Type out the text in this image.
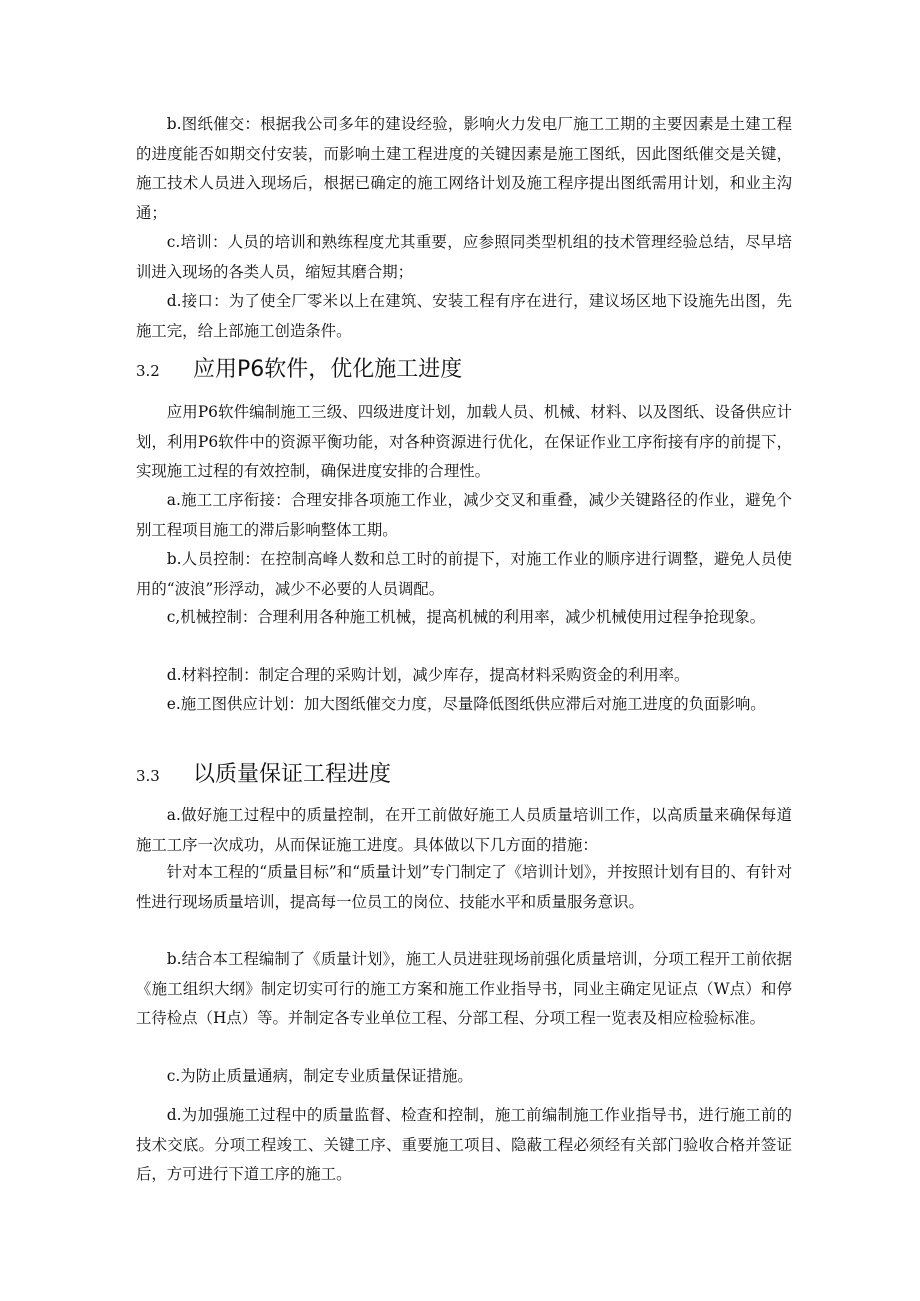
b.图纸催交：根据我公司多年的建设经验，影响火力发电厂施工工期的主要因素是土建工程的进度能否如期交付安装，而影响土建工程进度的关键因素是施工图纸，因此图纸催交是关键，施工技术人员进入现场后，根据已确定的施工网络计划及施工程序提出图纸需用计划，和业主沟通；

c.培训：人员的培训和熟练程度尤其重要，应参照同类型机组的技术管理经验总结，尽早培训进入现场的各类人员，缩短其磨合期；

d.接口：为了使全厂零米以上在建筑、安装工程有序在进行，建议场区地下设施先出图，先施工完，给上部施工创造条件。

3.2 应用P6软件，优化施工进度

应用P6软件编制施工三级、四级进度计划，加载人员、机械、材料、以及图纸、设备供应计划，利用P6软件中的资源平衡功能，对各种资源进行优化，在保证作业工序衔接有序的前提下，实现施工过程的有效控制，确保进度安排的合理性。

a.施工工序衔接：合理安排各项施工作业，减少交叉和重叠，减少关键路径的作业，避免个别工程项目施工的滞后影响整体工期。

b.人员控制：在控制高峰人数和总工时的前提下，对施工作业的顺序进行调整，避免人员使用的“波浪”形浮动，减少不必要的人员调配。

c,机械控制：合理利用各种施工机械，提高机械的利用率，减少机械使用过程争抢现象。

d.材料控制：制定合理的采购计划，减少库存，提高材料采购资金的利用率。

e.施工图供应计划：加大图纸催交力度，尽量降低图纸供应滞后对施工进度的负面影响。

3.3 以质量保证工程进度

a.做好施工过程中的质量控制，在开工前做好施工人员质量培训工作，以高质量来确保每道施工工序一次成功，从而保证施工进度。具体做以下几方面的措施：

针对本工程的“质量目标”和“质量计划”专门制定了《培训计划》，并按照计划有目的、有针对性进行现场质量培训，提高每一位员工的岗位、技能水平和质量服务意识。

b.结合本工程编制了《质量计划》，施工人员进驻现场前强化质量培训，分项工程开工前依据《施工组织大纲》制定切实可行的施工方案和施工作业指导书，同业主确定见证点（W点）和停工待检点（H点）等。并制定各专业单位工程、分部工程、分项工程一览表及相应检验标准。

c.为防止质量通病，制定专业质量保证措施。

d.为加强施工过程中的质量监督、检查和控制，施工前编制施工作业指导书，进行施工前的技术交底。分项工程竣工、关键工序、重要施工项目、隐蔽工程必须经有关部门验收合格并签证后，方可进行下道工序的施工。
